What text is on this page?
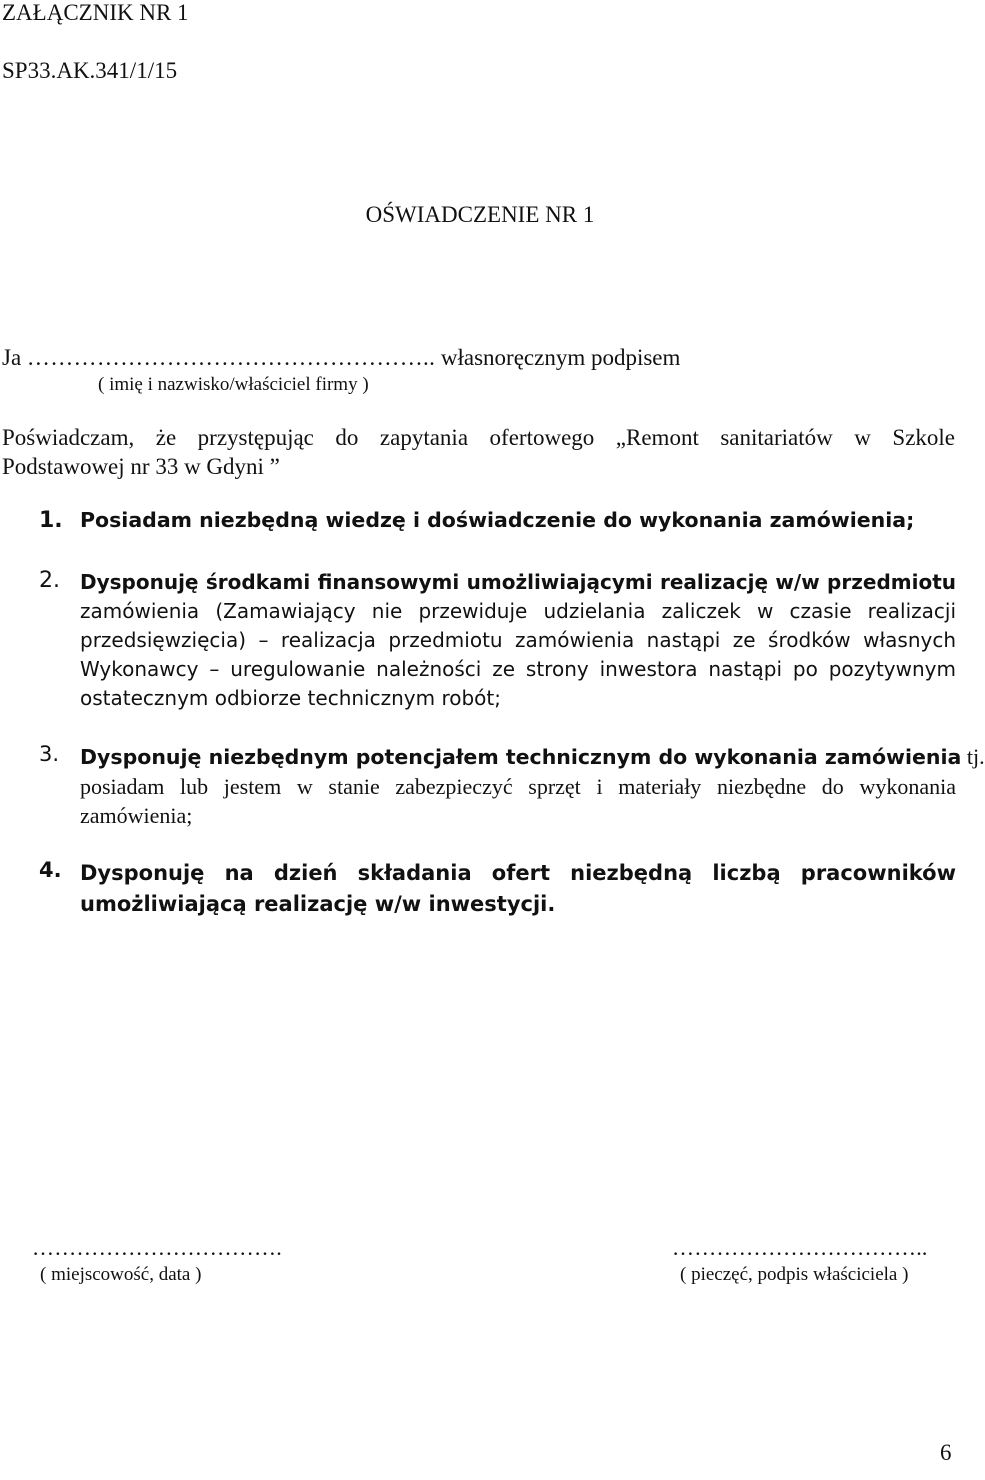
ZAŁĄCZNIK NR 1
SP33.AK.341/1/15
OŚWIADCZENIE NR 1
Ja …………………………………………….. własnoręcznym podpisem
( imię i nazwisko/właściciel firmy )
Poświadczam, że przystępując do zapytania ofertowego „Remont sanitariatów w Szkole
Podstawowej nr 33 w Gdyni ”
1. Posiadam niezbędną wiedzę i doświadczenie do wykonania zamówienia;
2. Dysponuję środkami finansowymi umożliwiającymi realizację w/w przedmiotu
zamówienia (Zamawiający nie przewiduje udzielania zaliczek w czasie realizacji
przedsięwzięcia) – realizacja przedmiotu zamówienia nastąpi ze środków własnych
Wykonawcy – uregulowanie należności ze strony inwestora nastąpi po pozytywnym
ostatecznym odbiorze technicznym robót;
3. Dysponuję niezbędnym potencjałem technicznym do wykonania zamówienia tj.
posiadam lub jestem w stanie zabezpieczyć sprzęt i materiały niezbędne do wykonania
zamówienia;
4. Dysponuję na dzień składania ofert niezbędną liczbą pracowników
umożliwiającą realizację w/w inwestycji.
…………………………….
( miejscowość, data )
……………………………..
( pieczęć, podpis właściciela )
6
